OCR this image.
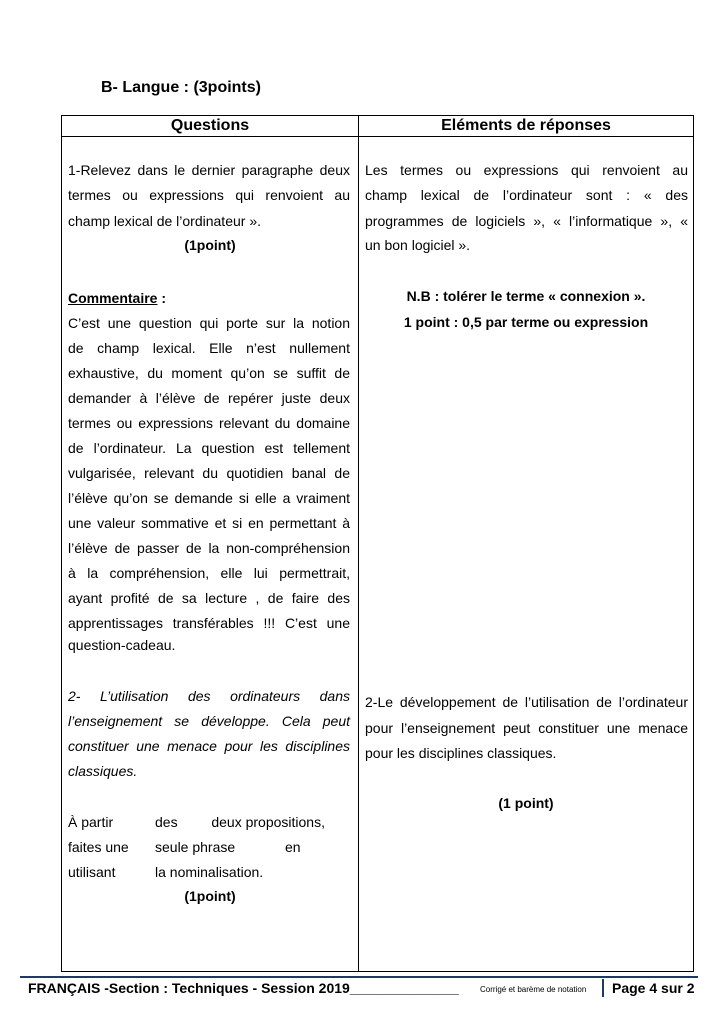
B- Langue : (3points)
Questions	Eléments de réponses
1-Relevez dans le dernier paragraphe deux
termes ou expressions qui renvoient au
champ lexical de l’ordinateur ».
(1point)
Commentaire :
C’est une question qui porte sur la notion
de champ lexical. Elle n’est nullement
exhaustive, du moment qu’on se suffit de
demander à l’élève de repérer juste deux
termes ou expressions relevant du domaine
de l’ordinateur. La question est tellement
vulgarisée, relevant du quotidien banal de
l’élève qu’on se demande si elle a vraiment
une valeur sommative et si en permettant à
l’élève de passer de la non-compréhension
à la compréhension, elle lui permettrait,
ayant profité de sa lecture , de faire des
apprentissages transférables !!! C’est une
question-cadeau.
2- L’utilisation des ordinateurs dans
l’enseignement se développe. Cela peut
constituer une menace pour les disciplines
classiques.
À partir
faites une
utilisant
des
seule phrase
la nominalisation.
deux propositions,
en
(1point)
Les termes ou expressions qui renvoient au
champ lexical de l’ordinateur sont : « des
programmes de logiciels », « l’informatique », «
un bon logiciel ».
N.B : tolérer le terme « connexion ».
1 point : 0,5 par terme ou expression
2-Le développement de l’utilisation de l’ordinateur
pour l’enseignement peut constituer une menace
pour les disciplines classiques.
(1 point)
FRANÇAIS -Section : Techniques - Session 2019______________	Corrigé et barème de notation Page 4 sur 2
